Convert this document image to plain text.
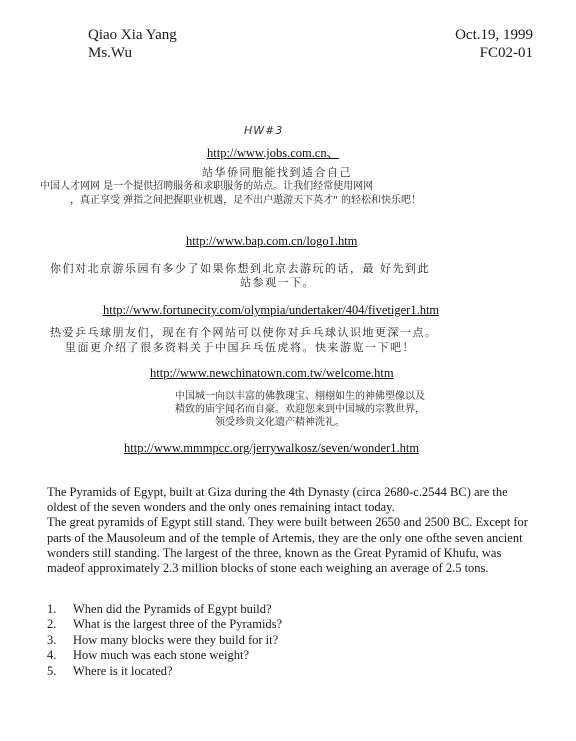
Qiao Xia Yang
Ms.Wu
Oct.19, 1999
FC02-01
HW#3
http://www.jobs.com.cn、
站华侨同胞能找到适合自己
中国人才网网 是一个提供招聘服务和求职服务的站点。让我们经常使用网网
，真正享受 弹指之间把握职业机遇，足不出户遨游天下英才" 的轻松和快乐吧！
http://www.bap.com.cn/logo1.htm
你们对北京游乐园有多少了如果你想到北京去游玩的话，最 好先到此
站参观一下。
http://www.fortunecity.com/olympia/undertaker/404/fivetiger1.htm
热爱乒乓球朋友们，现在有个网站可以使你对乒乓球认识地更深一点。
里面更介绍了很多资料关于中国乒乓伍虎将。快来游览一下吧！
http://www.newchinatown.com.tw/welcome.htm
中国城一向以丰富的佛教瑰宝、栩栩如生的神佛塑像以及
精致的庙宇闻名而自豪。欢迎您来到中国城的宗教世界，
领受珍贵文化遗产精神洗礼。
http://www.mmmpcc.org/jerrywalkosz/seven/wonder1.htm

The Pyramids of Egypt, built at Giza during the 4th Dynasty (circa 2680-c.2544 BC) are the oldest of the seven wonders and the only ones remaining intact today.

The great pyramids of Egypt still stand. They were built between 2650 and 2500 BC. Except for parts of the Mausoleum and of the temple of Artemis, they are the only one ofthe seven ancient wonders still standing. The largest of the three, known as the Great Pyramid of Khufu, was madeof approximately 2.3 million blocks of stone each weighing an average of 2.5 tons.

1.	When did the Pyramids of Egypt build?
2.	What is the largest three of the Pyramids?
3.	How many blocks were they build for it?
4.	How much was each stone weight?
5.	Where is it located?
